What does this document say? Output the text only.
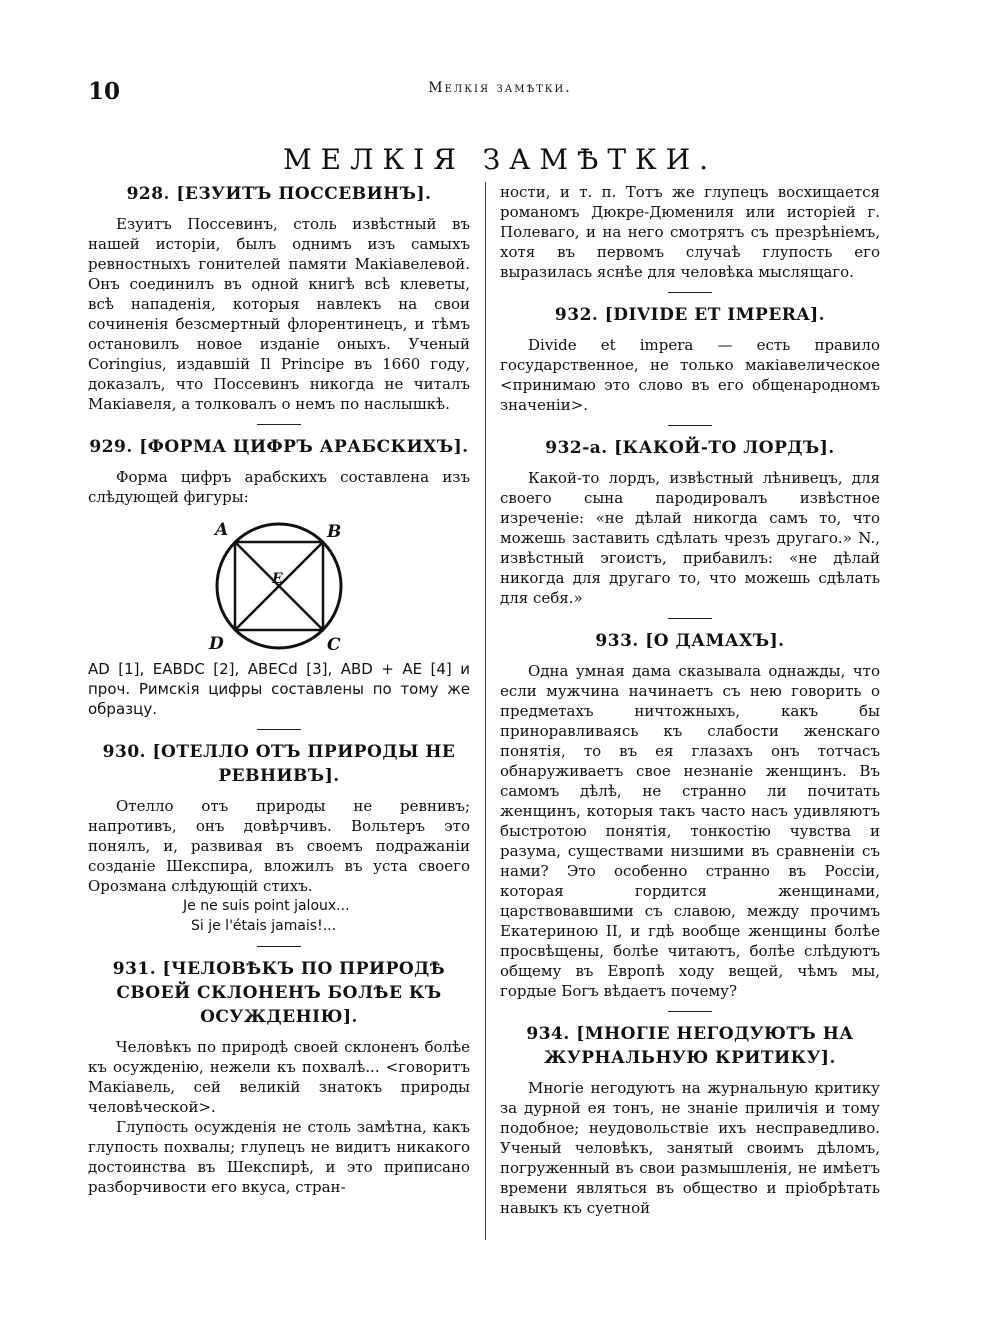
10	Мелкія замѣтки.
МЕЛКІЯ ЗАМѢТКИ.
928. [ЕЗУИТЪ ПОССЕВИНЪ].
Езуитъ Поссевинъ, столь извѣстный въ нашей исторіи, былъ однимъ изъ самыхъ ревностныхъ гонителей памяти Макіавелевой. Онъ соединилъ въ одной книгѣ всѣ клеветы, всѣ нападенія, которыя навлекъ на свои сочиненія безсмертный флорентинецъ, и тѣмъ остановилъ новое изданіе оныхъ. Ученый Coringius, издавшій Il Principe въ 1660 году, доказалъ, что Поссевинъ никогда не читалъ Макіавеля, а толковалъ о немъ по наслышкѣ.
929. [ФОРМА ЦИФРЪ АРАБСКИХЪ].
Форма цифръ арабскихъ составлена изъ слѣдующей фигуры:
A	B
C
D
E
AD [1], EABDC [2], ABECd [3], ABD + AE [4] и проч. Римскія цифры составлены по тому же образцу.
930. [ОТЕЛЛО ОТЪ ПРИРОДЫ НЕ РЕВНИВЪ].
Отелло отъ природы не ревнивъ; напротивъ, онъ довѣрчивъ. Вольтеръ это понялъ, и, развивая въ своемъ подражаніи созданіе Шекспира, вложилъ въ уста своего Орозмана слѣдующій стихъ.
Je ne suis point jaloux...
Si je l'étais jamais!...
931. [ЧЕЛОВѢКЪ ПО ПРИРОДѢ СВОЕЙ СКЛОНЕНЪ БОЛѢЕ КЪ ОСУЖДЕНІЮ].
Человѣкъ по природѣ своей склоненъ болѣе къ осужденію, нежели къ похвалѣ... <говоритъ Макіавель, сей великій знатокъ природы человѣческой>.
Глупость осужденія не столь замѣтна, какъ глупость похвалы; глупецъ не видитъ никакого достоинства въ Шекспирѣ, и это приписано разборчивости его вкуса, стран-
ности, и т. п. Тотъ же глупецъ восхищается романомъ Дюкре-Дюмениля или исторіей г. Полеваго, и на него смотрятъ съ презрѣніемъ, хотя въ первомъ случаѣ глупость его выразилась яснѣе для человѣка мыслящаго.
932. [DIVIDE ET IMPERA].
Divide et impera — есть правило государственное, не только макіавелическое <принимаю это слово въ его общенародномъ значеніи>.
932-а. [КАКОЙ-ТО ЛОРДЪ].
Какой-то лордъ, извѣстный лѣнивецъ, для своего сына пародировалъ извѣстное изреченіе: «не дѣлай никогда самъ то, что можешь заставить сдѣлать чрезъ другаго.» N., извѣстный эгоистъ, прибавилъ: «не дѣлай никогда для другаго то, что можешь сдѣлать для себя.»
933. [О ДАМАХЪ].
Одна умная дама сказывала однажды, что если мужчина начинаетъ съ нею говорить о предметахъ ничтожныхъ, какъ бы приноравливаясь къ слабости женскаго понятія, то въ ея глазахъ онъ тотчасъ обнаруживаетъ свое незнаніе женщинъ. Въ самомъ дѣлѣ, не странно ли почитать женщинъ, которыя такъ часто насъ удивляютъ быстротою понятія, тонкостію чувства и разума, существами низшими въ сравненіи съ нами? Это особенно странно въ Россіи, которая гордится женщинами, царствовавшими съ славою, между прочимъ Екатериною II, и гдѣ вообще женщины болѣе просвѣщены, болѣе читаютъ, болѣе слѣдуютъ общему въ Европѣ ходу вещей, чѣмъ мы, гордые Богъ вѣдаетъ почему?
934. [МНОГІЕ НЕГОДУЮТЪ НА ЖУРНАЛЬНУЮ КРИТИКУ].
Многіе негодуютъ на журнальную критику за дурной ея тонъ, не знаніе приличія и тому подобное; неудовольствіе ихъ несправедливо. Ученый человѣкъ, занятый своимъ дѣломъ, погруженный въ свои размышленія, не имѣетъ времени являться въ общество и пріобрѣтать навыкъ къ суетной
